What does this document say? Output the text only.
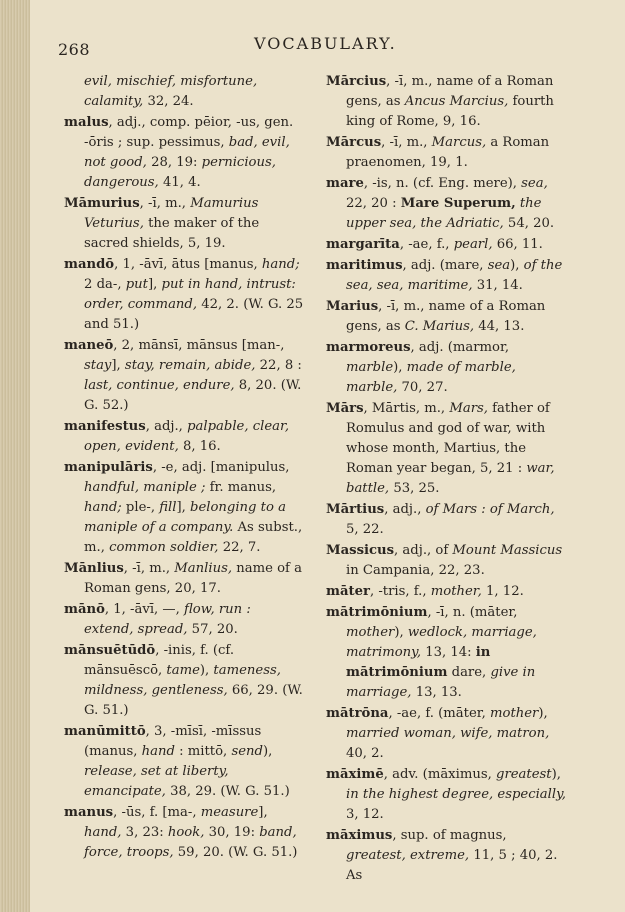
268	VOCABULARY.

evil, mischief, misfortune, calamity, 32, 24.

malus, adj., comp. pēior, -us, gen. -ōris ; sup. pessimus, bad, evil, not good, 28, 19: pernicious, dangerous, 41, 4.

Māmurius, -ī, m., Mamurius Veturius, the maker of the sacred shields, 5, 19.

mandō, 1, -āvī, ātus [manus, hand; 2 da-, put], put in hand, intrust: order, command, 42, 2. (W. G. 25 and 51.)

maneō, 2, mānsī, mānsus [man-, stay], stay, remain, abide, 22, 8 : last, continue, endure, 8, 20. (W. G. 52.)

manifestus, adj., palpable, clear, open, evident, 8, 16.

manipulāris, -e, adj. [manipulus, handful, maniple ; fr. manus, hand; ple-, fill], belonging to a maniple of a company. As subst., m., common soldier, 22, 7.

Mānlius, -ī, m., Manlius, name of a Roman gens, 20, 17.

mānō, 1, -āvī, —, flow, run : extend, spread, 57, 20.

mānsuētūdō, -inis, f. (cf. mānsuēscō, tame), tameness, mildness, gentleness, 66, 29. (W. G. 51.)

manūmittō, 3, -mīsī, -mīssus (manus, hand : mittō, send), release, set at liberty, emancipate, 38, 29. (W. G. 51.)

manus, -ūs, f. [ma-, measure], hand, 3, 23: hook, 30, 19: band, force, troops, 59, 20. (W. G. 51.)

Mārcius, -ī, m., name of a Roman gens, as Ancus Marcius, fourth king of Rome, 9, 16.

Mārcus, -ī, m., Marcus, a Roman praenomen, 19, 1.

mare, -is, n. (cf. Eng. mere), sea, 22, 20 : Mare Superum, the upper sea, the Adriatic, 54, 20.

margarīta, -ae, f., pearl, 66, 11.

maritimus, adj. (mare, sea), of the sea, sea, maritime, 31, 14.

Marius, -ī, m., name of a Roman gens, as C. Marius, 44, 13.

marmoreus, adj. (marmor, marble), made of marble, marble, 70, 27.

Mārs, Mārtis, m., Mars, father of Romulus and god of war, with whose month, Martius, the Roman year began, 5, 21 : war, battle, 53, 25.

Mārtius, adj., of Mars : of March, 5, 22.

Massicus, adj., of Mount Massicus in Campania, 22, 23.

māter, -tris, f., mother, 1, 12.

mātrimōnium, -ī, n. (māter, mother), wedlock, marriage, matrimony, 13, 14: in mātrimōnium dare, give in marriage, 13, 13.

mātrōna, -ae, f. (māter, mother), married woman, wife, matron, 40, 2.

māximē, adv. (māximus, greatest), in the highest degree, especially, 3, 12.

māximus, sup. of magnus, greatest, extreme, 11, 5 ; 40, 2. As
